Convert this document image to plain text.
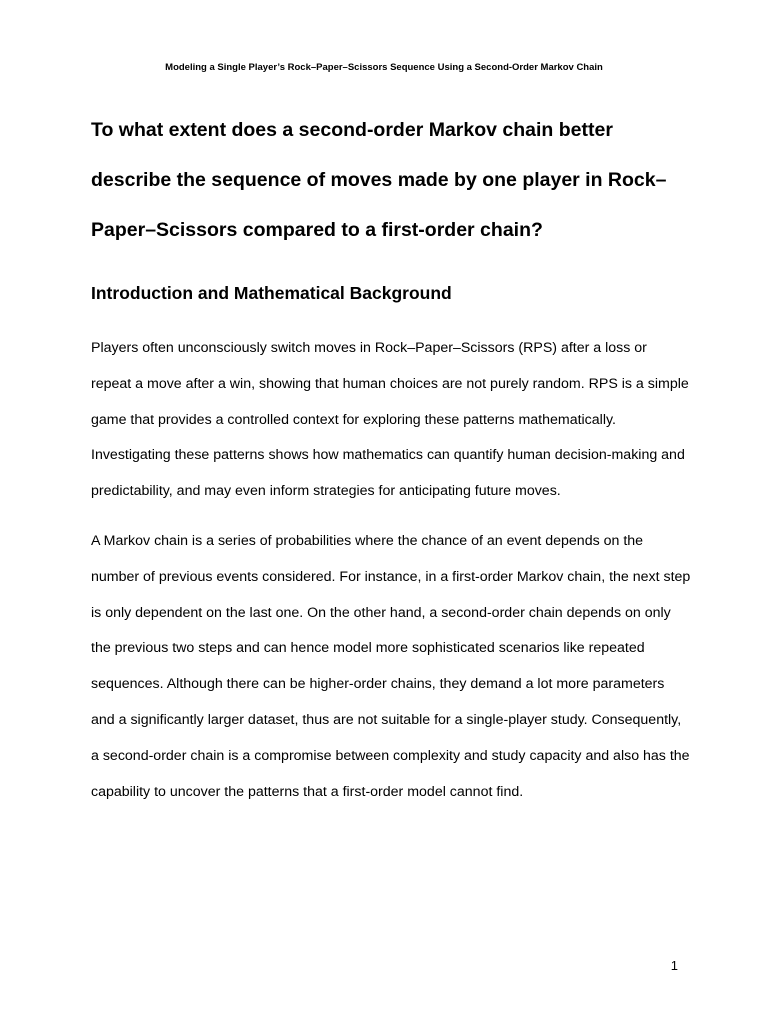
Modeling a Single Player’s Rock–Paper–Scissors Sequence Using a Second-Order Markov Chain
To what extent does a second-order Markov chain better describe the sequence of moves made by one player in Rock–Paper–Scissors compared to a first-order chain?
Introduction and Mathematical Background

Players often unconsciously switch moves in Rock–Paper–Scissors (RPS) after a loss or repeat a move after a win, showing that human choices are not purely random. RPS is a simple game that provides a controlled context for exploring these patterns mathematically. Investigating these patterns shows how mathematics can quantify human decision-making and predictability, and may even inform strategies for anticipating future moves.

A Markov chain is a series of probabilities where the chance of an event depends on the number of previous events considered. For instance, in a first-order Markov chain, the next step is only dependent on the last one. On the other hand, a second-order chain depends on only the previous two steps and can hence model more sophisticated scenarios like repeated sequences. Although there can be higher-order chains, they demand a lot more parameters and a significantly larger dataset, thus are not suitable for a single-player study. Consequently, a second-order chain is a compromise between complexity and study capacity and also has the capability to uncover the patterns that a first-order model cannot find.

1
